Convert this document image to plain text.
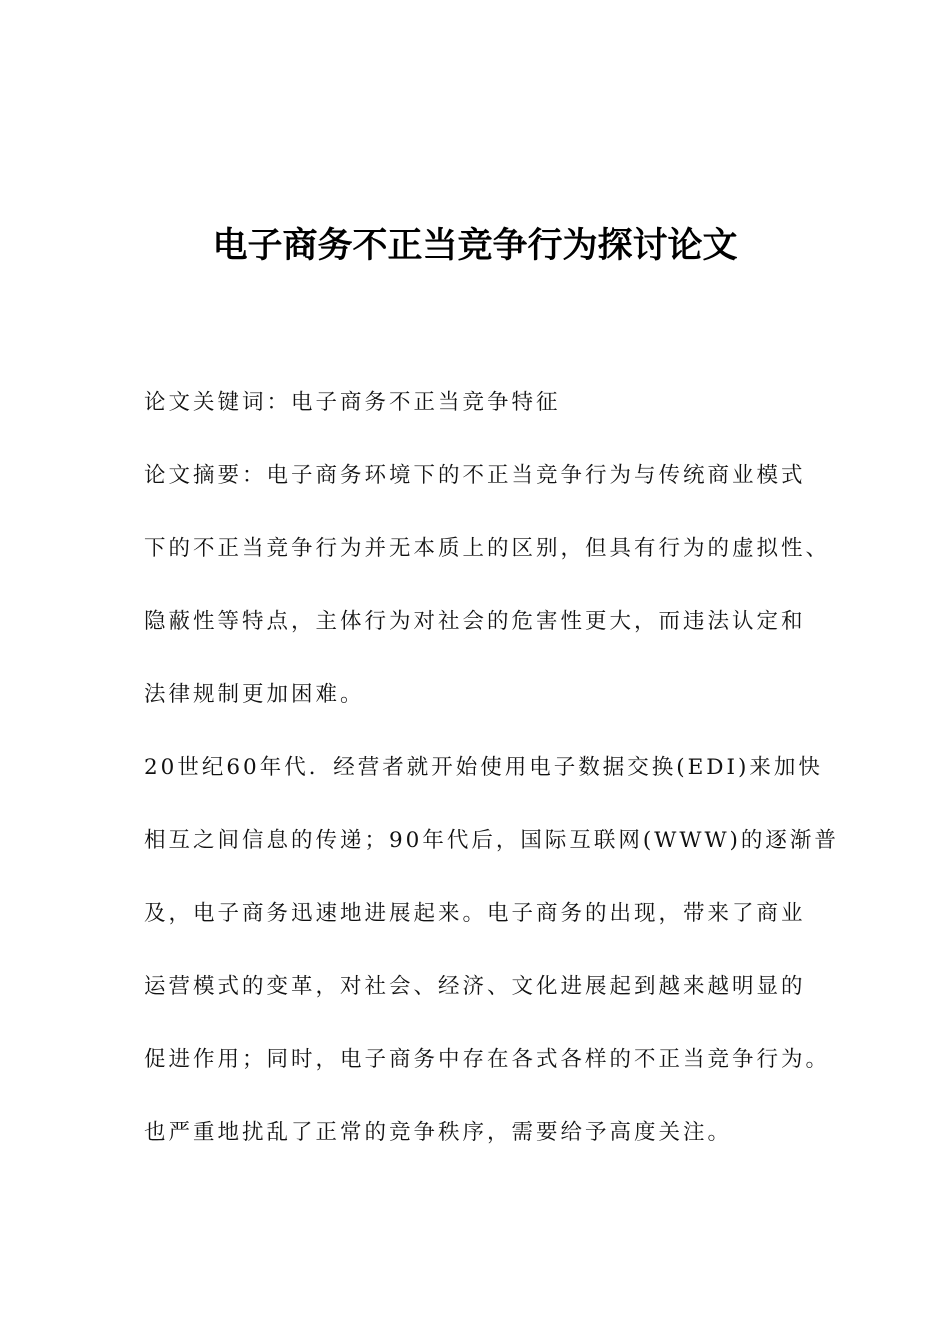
电子商务不正当竞争行为探讨论文

论文关键词：电子商务不正当竞争特征

论文摘要：电子商务环境下的不正当竞争行为与传统商业模式
下的不正当竞争行为并无本质上的区别，但具有行为的虚拟性、
隐蔽性等特点，主体行为对社会的危害性更大，而违法认定和
法律规制更加困难。

20世纪60年代．经营者就开始使用电子数据交换(EDI)来加快
相互之间信息的传递；90年代后，国际互联网(WWW)的逐渐普
及，电子商务迅速地进展起来。电子商务的出现，带来了商业
运营模式的变革，对社会、经济、文化进展起到越来越明显的
促进作用；同时，电子商务中存在各式各样的不正当竞争行为。
也严重地扰乱了正常的竞争秩序，需要给予高度关注。
